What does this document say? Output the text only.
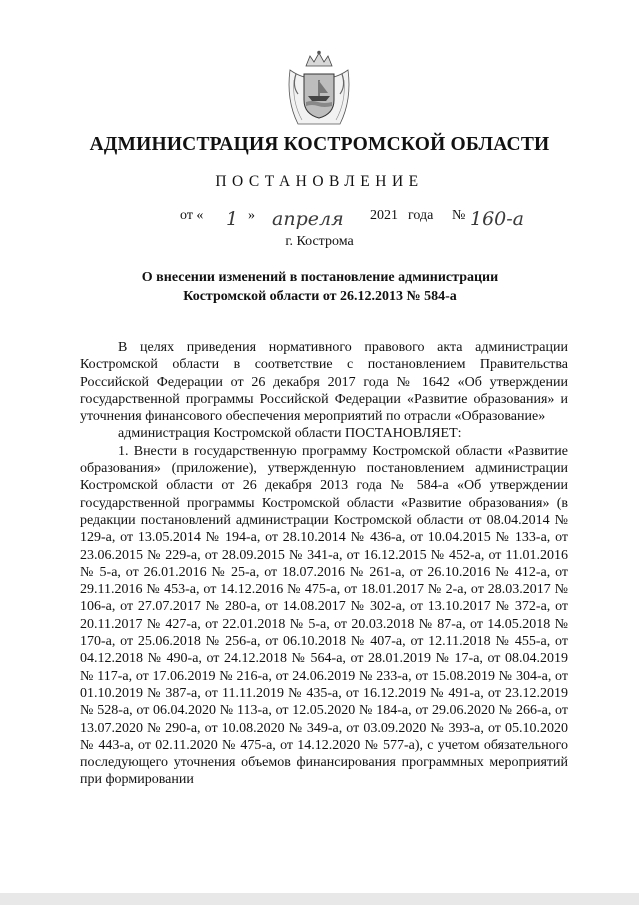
АДМИНИСТРАЦИЯ КОСТРОМСКОЙ ОБЛАСТИ
ПОСТАНОВЛЕНИЕ
от « 1 » апреля 2021 года № 160-а
г. Кострома
О внесении изменений в постановление администрации
Костромской области от 26.12.2013 № 584-а

В целях приведения нормативного правового акта администрации Костромской области в соответствие с постановлением Правительства Российской Федерации от 26 декабря 2017 года № 1642 «Об утверждении государственной программы Российской Федерации «Развитие образования» и уточнения финансового обеспечения мероприятий по отрасли «Образование»

администрация Костромской области ПОСТАНОВЛЯЕТ:

1. Внести в государственную программу Костромской области «Развитие образования» (приложение), утвержденную постановлением администрации Костромской области от 26 декабря 2013 года № 584-а «Об утверждении государственной программы Костромской области «Развитие образования» (в редакции постановлений администрации Костромской области от 08.04.2014 № 129-а, от 13.05.2014 № 194-а, от 28.10.2014 № 436-а, от 10.04.2015 № 133-а, от 23.06.2015 № 229-а, от 28.09.2015 № 341-а, от 16.12.2015 № 452-а, от 11.01.2016 № 5-а, от 26.01.2016 № 25-а, от 18.07.2016 № 261-а, от 26.10.2016 № 412-а, от 29.11.2016 № 453-а, от 14.12.2016 № 475-а, от 18.01.2017 № 2-а, от 28.03.2017 № 106-а, от 27.07.2017 № 280-а, от 14.08.2017 № 302-а, от 13.10.2017 № 372-а, от 20.11.2017 № 427-а, от 22.01.2018 № 5-а, от 20.03.2018 № 87-а, от 14.05.2018 № 170-а, от 25.06.2018 № 256-а, от 06.10.2018 № 407-а, от 12.11.2018 № 455-а, от 04.12.2018 № 490-а, от 24.12.2018 № 564-а, от 28.01.2019 № 17-а, от 08.04.2019 № 117-а, от 17.06.2019 № 216-а, от 24.06.2019 № 233-а, от 15.08.2019 № 304-а, от 01.10.2019 № 387-а, от 11.11.2019 № 435-а, от 16.12.2019 № 491-а, от 23.12.2019 № 528-а, от 06.04.2020 № 113-а, от 12.05.2020 № 184-а, от 29.06.2020 № 266-а, от 13.07.2020 № 290-а, от 10.08.2020 № 349-а, от 03.09.2020 № 393-а, от 05.10.2020 № 443-а, от 02.11.2020 № 475-а, от 14.12.2020 № 577-а), с учетом обязательного последующего уточнения объемов финансирования программных мероприятий при формировании
